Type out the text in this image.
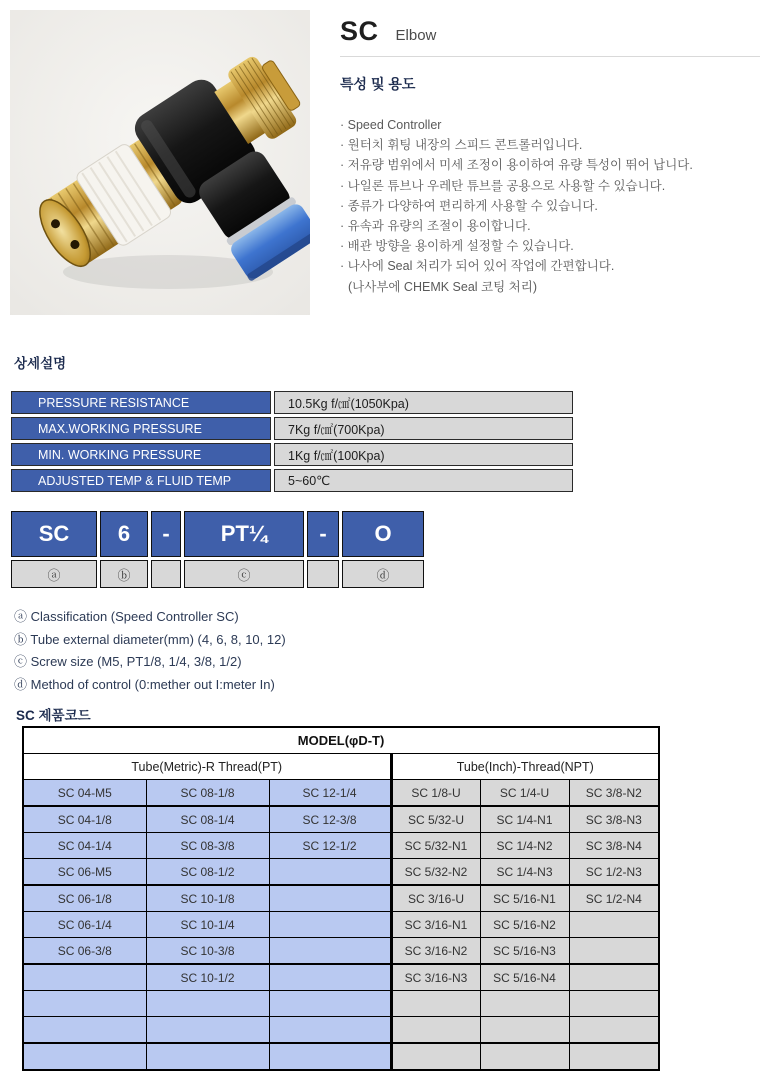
SC Elbow
특성 및 용도
· Speed Controller
· 원터치 휘팅 내장의 스피드 콘트롤러입니다.
· 저유량 범위에서 미세 조정이 용이하여 유량 특성이 뛰어 납니다.
· 나일론 튜브나 우레탄 튜브를 공용으로 사용할 수 있습니다.
· 종류가 다양하여 편리하게 사용할 수 있습니다.
· 유속과 유량의 조절이 용이합니다.
· 배관 방향을 용이하게 설정할 수 있습니다.
· 나사에 Seal 처리가 되어 있어 작업에 간편합니다.
(나사부에 CHEMK Seal 코팅 처리)
상세설명
PRESSURE RESISTANCE	10.5Kg f/㎠(1050Kpa)
MAX.WORKING PRESSURE	7Kg f/㎠(700Kpa)
MIN. WORKING PRESSURE	1Kg f/㎠(100Kpa)
ADJUSTED TEMP & FLUID TEMP	5~60℃
SC	6	-	PT¼	-	O
ⓐ	ⓑ		ⓒ		ⓓ
ⓐ Classification (Speed Controller SC)
ⓑ Tube external diameter(mm) (4, 6, 8, 10, 12)
ⓒ Screw size (M5, PT1/8, 1/4, 3/8, 1/2)
ⓓ Method of control (0:mether out I:meter In)
SC 제품코드
MODEL(φD-T)					
Tube(Metric)-R Thread(PT)			Tube(Inch)-Thread(NPT)		
SC 04-M5	SC 08-1/8	SC 12-1/4	SC 1/8-U	SC 1/4-U	SC 3/8-N2
SC 04-1/8	SC 08-1/4	SC 12-3/8	SC 5/32-U	SC 1/4-N1	SC 3/8-N3
SC 04-1/4	SC 08-3/8	SC 12-1/2	SC 5/32-N1	SC 1/4-N2	SC 3/8-N4
SC 06-M5	SC 08-1/2		SC 5/32-N2	SC 1/4-N3	SC 1/2-N3
SC 06-1/8	SC 10-1/8		SC 3/16-U	SC 5/16-N1	SC 1/2-N4
SC 06-1/4	SC 10-1/4		SC 3/16-N1	SC 5/16-N2	
SC 06-3/8	SC 10-3/8		SC 3/16-N2	SC 5/16-N3	
	SC 10-1/2		SC 3/16-N3	SC 5/16-N4	
